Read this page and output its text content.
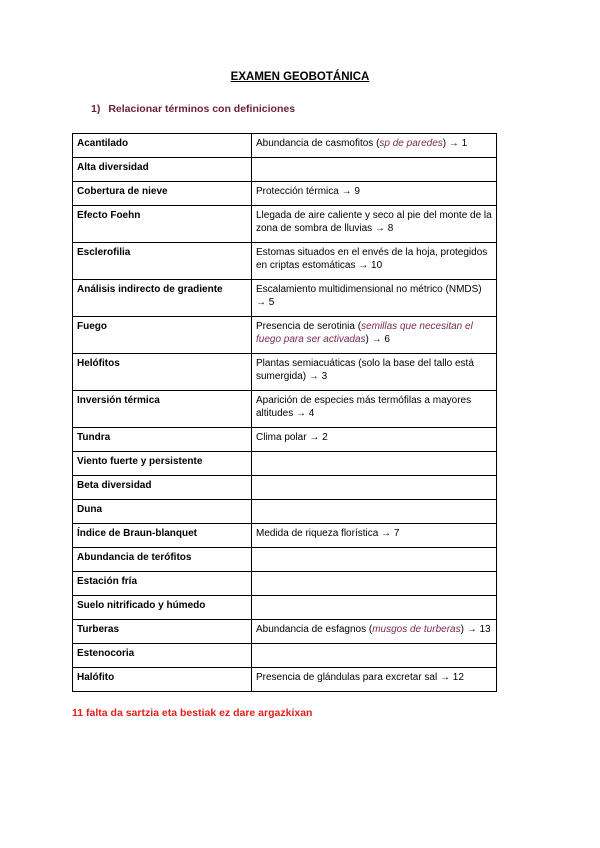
EXAMEN GEOBOTÁNICA
1) Relacionar términos con definiciones
Acantilado	Abundancia de casmofitos (sp de paredes) → 1
Alta diversidad	
Cobertura de nieve	Protección térmica → 9
Efecto Foehn	Llegada de aire caliente y seco al pie del monte de la zona de sombra de lluvias → 8
Esclerofilia	Estomas situados en el envés de la hoja, protegidos en criptas estomáticas → 10
Análisis indirecto de gradiente	Escalamiento multidimensional no métrico (NMDS) → 5
Fuego	Presencia de serotinia (semillas que necesitan el fuego para ser activadas) → 6
Helófitos	Plantas semiacuáticas (solo la base del tallo está sumergida) → 3
Inversión térmica	Aparición de especies más termófilas a mayores altitudes → 4
Tundra	Clima polar → 2
Viento fuerte y persistente	
Beta diversidad	
Duna	
Índice de Braun-blanquet	Medida de riqueza florística → 7
Abundancia de terófitos	
Estación fría	
Suelo nitrificado y húmedo	
Turberas	Abundancia de esfagnos (musgos de turberas) → 13
Estenocoria	
Halófito	Presencia de glándulas para excretar sal → 12
11 falta da sartzia eta bestiak ez dare argazkixan
